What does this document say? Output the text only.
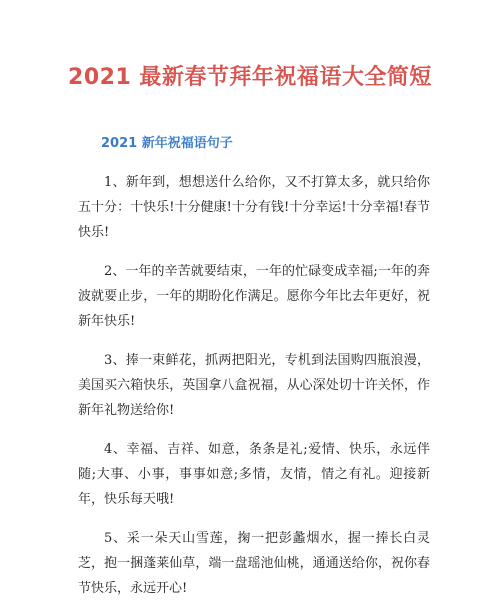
2021 最新春节拜年祝福语大全简短
2021 新年祝福语句子

1、新年到，想想送什么给你，又不打算太多，就只给你五十分：十快乐!十分健康!十分有钱!十分幸运!十分幸福!春节快乐!

2、一年的辛苦就要结束，一年的忙碌变成幸福;一年的奔波就要止步，一年的期盼化作满足。愿你今年比去年更好，祝新年快乐!

3、捧一束鲜花，抓两把阳光，专机到法国购四瓶浪漫，美国买六箱快乐，英国拿八盒祝福，从心深处切十许关怀，作新年礼物送给你!

4、幸福、吉祥、如意，条条是礼;爱情、快乐，永远伴随;大事、小事，事事如意;多情，友情，情之有礼。迎接新年，快乐每天哦!

5、采一朵天山雪莲，掬一把彭蠡烟水，握一捧长白灵芝，抱一捆蓬莱仙草，端一盘瑶池仙桃，通通送给你，祝你春节快乐，永远开心!
